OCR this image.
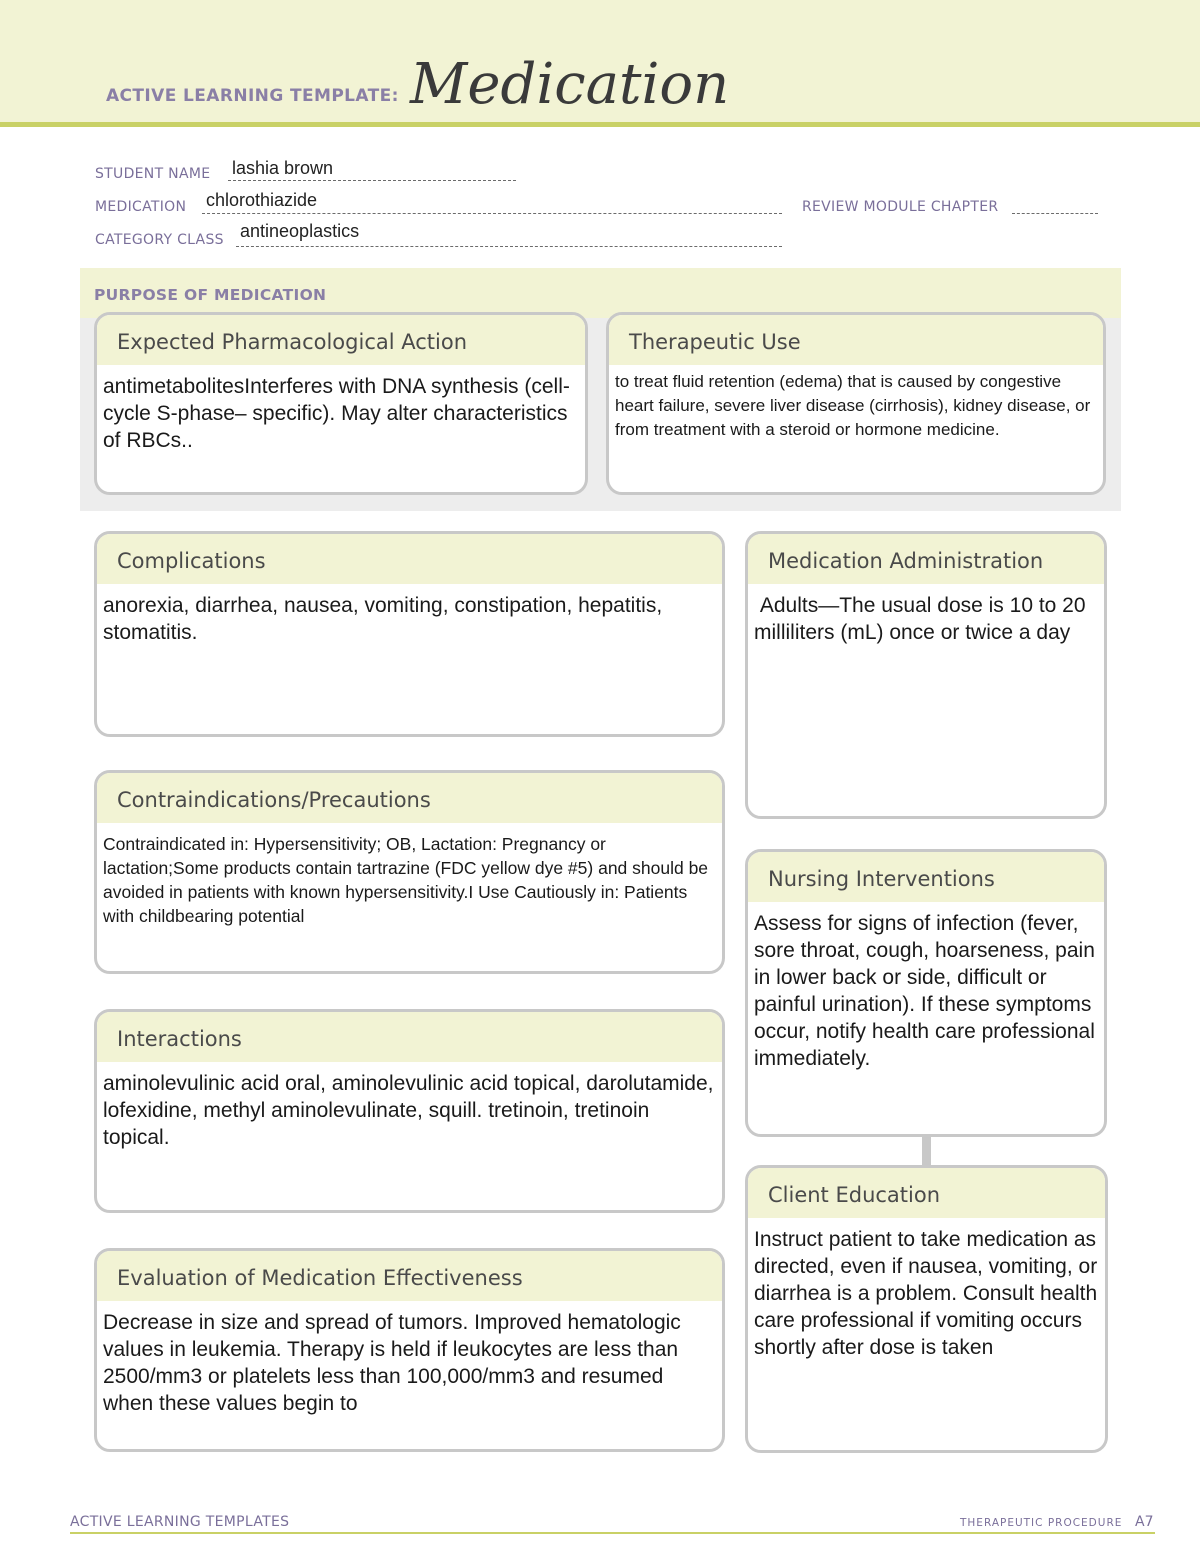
ACTIVE LEARNING TEMPLATE: Medication
STUDENT NAME lashia brown
MEDICATION chlorothiazide	REVIEW MODULE CHAPTER
CATEGORY CLASS antineoplastics
PURPOSE OF MEDICATION
Expected Pharmacological Action
antimetabolitesInterferes with DNA synthesis (cell-cycle S-phase– specific). May alter characteristics of RBCs..
Therapeutic Use
to treat fluid retention (edema) that is caused by congestive heart failure, severe liver disease (cirrhosis), kidney disease, or from treatment with a steroid or hormone medicine.
Complications
anorexia, diarrhea, nausea, vomiting, constipation, hepatitis, stomatitis.
Contraindications/Precautions
Contraindicated in: Hypersensitivity; OB, Lactation: Pregnancy or lactation;Some products contain tartrazine (FDC yellow dye #5) and should be avoided in patients with known hypersensitivity.I Use Cautiously in: Patients with childbearing potential
Interactions
aminolevulinic acid oral, aminolevulinic acid topical, darolutamide, lofexidine, methyl aminolevulinate, squill. tretinoin, tretinoin topical.
Evaluation of Medication Effectiveness
Decrease in size and spread of tumors. Improved hematologic values in leukemia. Therapy is held if leukocytes are less than 2500/mm3 or platelets less than 100,000/mm3 and resumed when these values begin to
Medication Administration
Adults—The usual dose is 10 to 20 milliliters (mL) once or twice a day
Nursing Interventions
Assess for signs of infection (fever, sore throat, cough, hoarseness, pain in lower back or side, difficult or painful urination). If these symptoms occur, notify health care professional immediately.
Client Education
Instruct patient to take medication as directed, even if nausea, vomiting, or diarrhea is a problem. Consult health care professional if vomiting occurs shortly after dose is taken
ACTIVE LEARNING TEMPLATES	THERAPEUTIC PROCEDURE A7
